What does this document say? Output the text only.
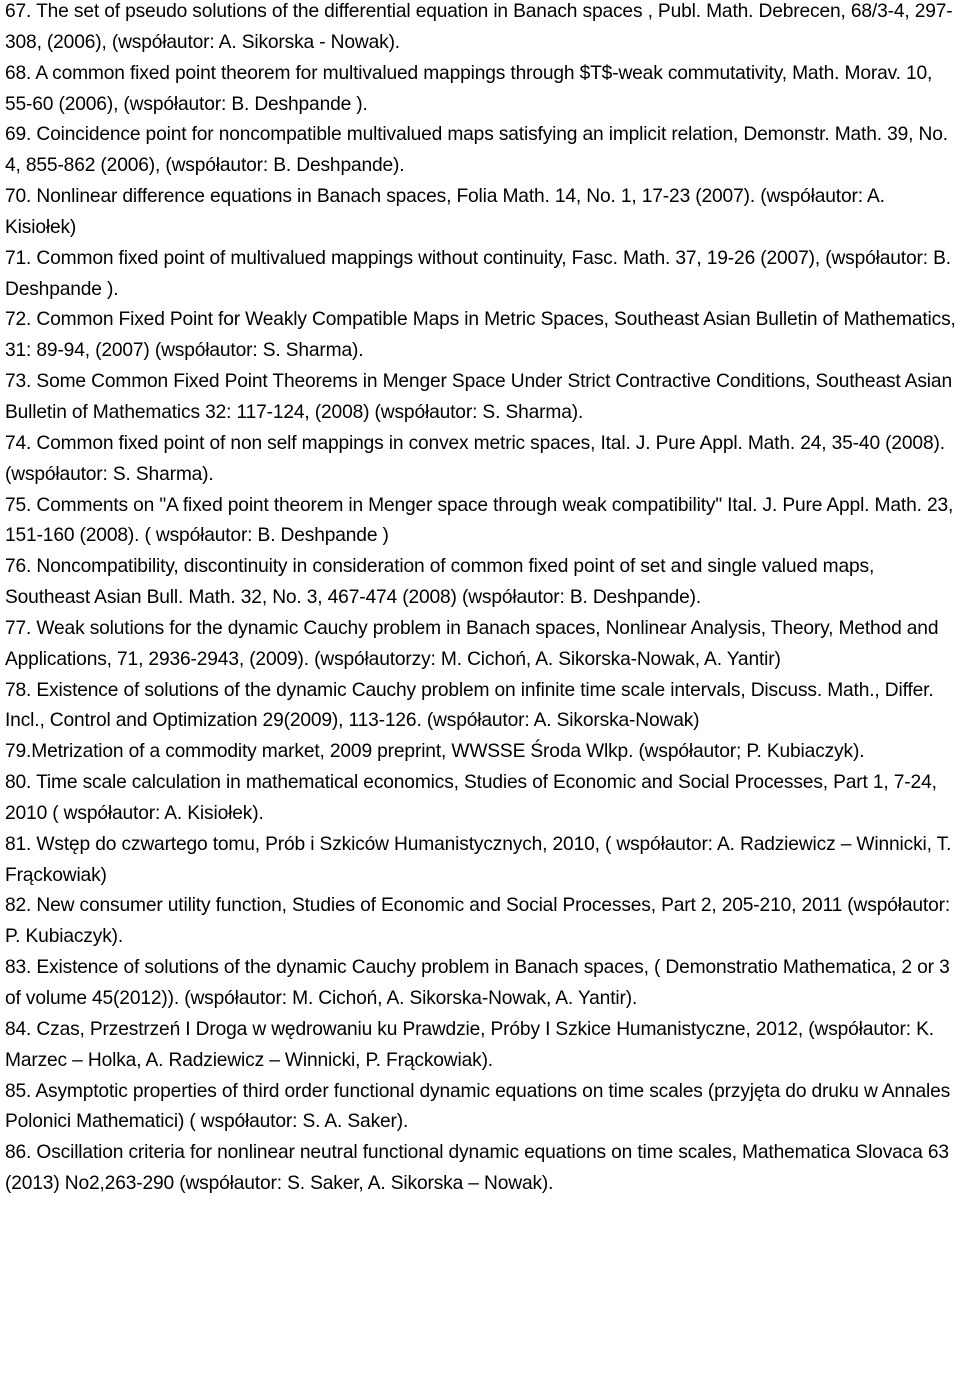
67. The set of pseudo solutions of the differential equation in Banach spaces , Publ. Math. Debrecen, 68/3-4, 297-308, (2006), (współautor: A. Sikorska - Nowak).

68. A common fixed point theorem for multivalued mappings through $T$-weak commutativity, Math. Morav. 10, 55-60 (2006), (współautor: B. Deshpande ).

69. Coincidence point for noncompatible multivalued maps satisfying an implicit relation, Demonstr. Math. 39, No. 4, 855-862 (2006), (współautor: B. Deshpande).

70. Nonlinear difference equations in Banach spaces, Folia Math. 14, No. 1, 17-23 (2007). (współautor: A. Kisiołek)

71. Common fixed point of multivalued mappings without continuity, Fasc. Math. 37, 19-26 (2007), (współautor: B. Deshpande ).

72. Common Fixed Point for Weakly Compatible Maps in Metric Spaces, Southeast Asian Bulletin of Mathematics, 31: 89-94, (2007) (współautor: S. Sharma).

73. Some Common Fixed Point Theorems in Menger Space Under Strict Contractive Conditions, Southeast Asian Bulletin of Mathematics 32: 117-124, (2008) (współautor: S. Sharma).

74. Common fixed point of non self mappings in convex metric spaces, Ital. J. Pure Appl. Math. 24, 35-40 (2008). (współautor: S. Sharma).

75. Comments on "A fixed point theorem in Menger space through weak compatibility" Ital. J. Pure Appl. Math. 23, 151-160 (2008). ( współautor: B. Deshpande )

76. Noncompatibility, discontinuity in consideration of common fixed point of set and single valued maps, Southeast Asian Bull. Math. 32, No. 3, 467-474 (2008) (współautor: B. Deshpande).

77. Weak solutions for the dynamic Cauchy problem in Banach spaces, Nonlinear Analysis, Theory, Method and Applications, 71, 2936-2943, (2009). (współautorzy: M. Cichoń, A. Sikorska-Nowak, A. Yantir)

78. Existence of solutions of the dynamic Cauchy problem on infinite time scale intervals, Discuss. Math., Differ. Incl., Control and Optimization 29(2009), 113-126. (współautor: A. Sikorska-Nowak)

79.Metrization of a commodity market, 2009 preprint, WWSSE Środa Wlkp. (współautor; P. Kubiaczyk).

80. Time scale calculation in mathematical economics, Studies of Economic and Social Processes, Part 1, 7-24, 2010 ( współautor: A. Kisiołek).

81. Wstęp do czwartego tomu, Prób i Szkiców Humanistycznych, 2010, ( współautor: A. Radziewicz – Winnicki, T. Frąckowiak)

82. New consumer utility function, Studies of Economic and Social Processes, Part 2, 205-210, 2011 (współautor: P. Kubiaczyk).

83. Existence of solutions of the dynamic Cauchy problem in Banach spaces, ( Demonstratio Mathematica, 2 or 3 of volume 45(2012)). (współautor: M. Cichoń, A. Sikorska-Nowak, A. Yantir).

84. Czas, Przestrzeń I Droga w wędrowaniu ku Prawdzie, Próby I Szkice Humanistyczne, 2012, (współautor: K. Marzec – Holka, A. Radziewicz – Winnicki, P. Frąckowiak).

85. Asymptotic properties of third order functional dynamic equations on time scales (przyjęta do druku w Annales Polonici Mathematici) ( współautor: S. A. Saker).

86. Oscillation criteria for nonlinear neutral functional dynamic equations on time scales, Mathematica Slovaca 63 (2013) No2,263-290 (współautor: S. Saker, A. Sikorska – Nowak).
